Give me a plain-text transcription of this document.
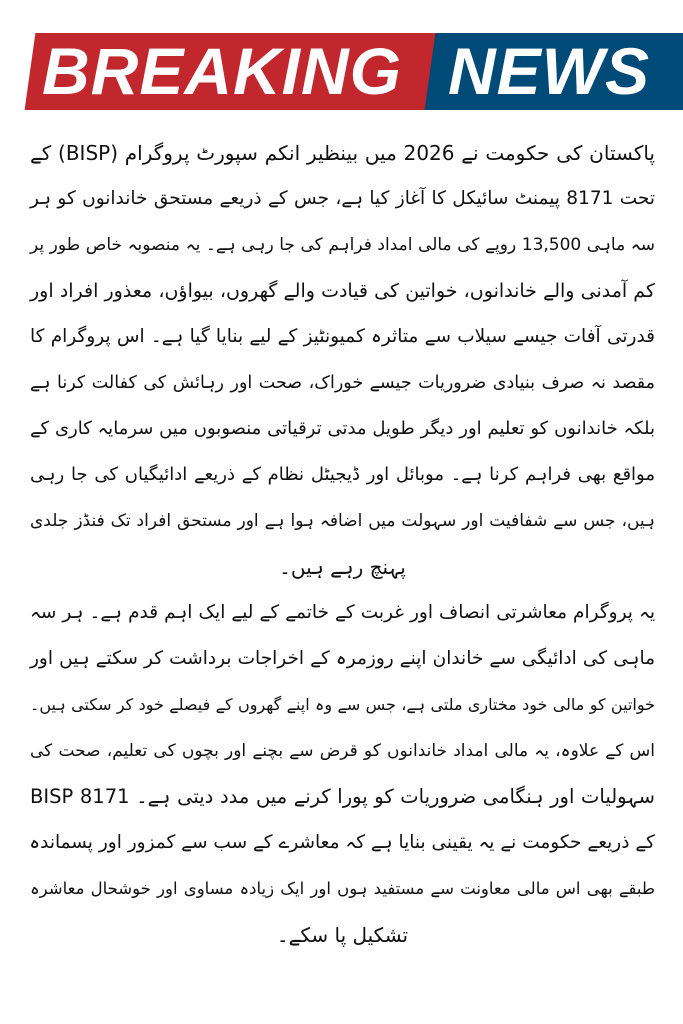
BREAKING NEWS
پاکستان کی حکومت نے 2026 میں بینظیر انکم سپورٹ پروگرام (BISP) کے
تحت 8171 پیمنٹ سائیکل کا آغاز کیا ہے، جس کے ذریعے مستحق خاندانوں کو ہر
سہ ماہی 13,500 روپے کی مالی امداد فراہم کی جا رہی ہے۔ یہ منصوبہ خاص طور پر
کم آمدنی والے خاندانوں، خواتین کی قیادت والے گھروں، بیواؤں، معذور افراد اور
قدرتی آفات جیسے سیلاب سے متاثرہ کمیونٹیز کے لیے بنایا گیا ہے۔ اس پروگرام کا
مقصد نہ صرف بنیادی ضروریات جیسے خوراک، صحت اور رہائش کی کفالت کرنا ہے
بلکہ خاندانوں کو تعلیم اور دیگر طویل مدتی ترقیاتی منصوبوں میں سرمایہ کاری کے
مواقع بھی فراہم کرنا ہے۔ موبائل اور ڈیجیٹل نظام کے ذریعے ادائیگیاں کی جا رہی
ہیں، جس سے شفافیت اور سہولت میں اضافہ ہوا ہے اور مستحق افراد تک فنڈز جلدی
پہنچ رہے ہیں۔
یہ پروگرام معاشرتی انصاف اور غربت کے خاتمے کے لیے ایک اہم قدم ہے۔ ہر سہ
ماہی کی ادائیگی سے خاندان اپنے روزمرہ کے اخراجات برداشت کر سکتے ہیں اور
خواتین کو مالی خود مختاری ملتی ہے، جس سے وہ اپنے گھروں کے فیصلے خود کر سکتی ہیں۔
اس کے علاوہ، یہ مالی امداد خاندانوں کو قرض سے بچنے اور بچوں کی تعلیم، صحت کی
سہولیات اور ہنگامی ضروریات کو پورا کرنے میں مدد دیتی ہے۔ BISP 8171
کے ذریعے حکومت نے یہ یقینی بنایا ہے کہ معاشرے کے سب سے کمزور اور پسماندہ
طبقے بھی اس مالی معاونت سے مستفید ہوں اور ایک زیادہ مساوی اور خوشحال معاشرہ
تشکیل پا سکے۔
